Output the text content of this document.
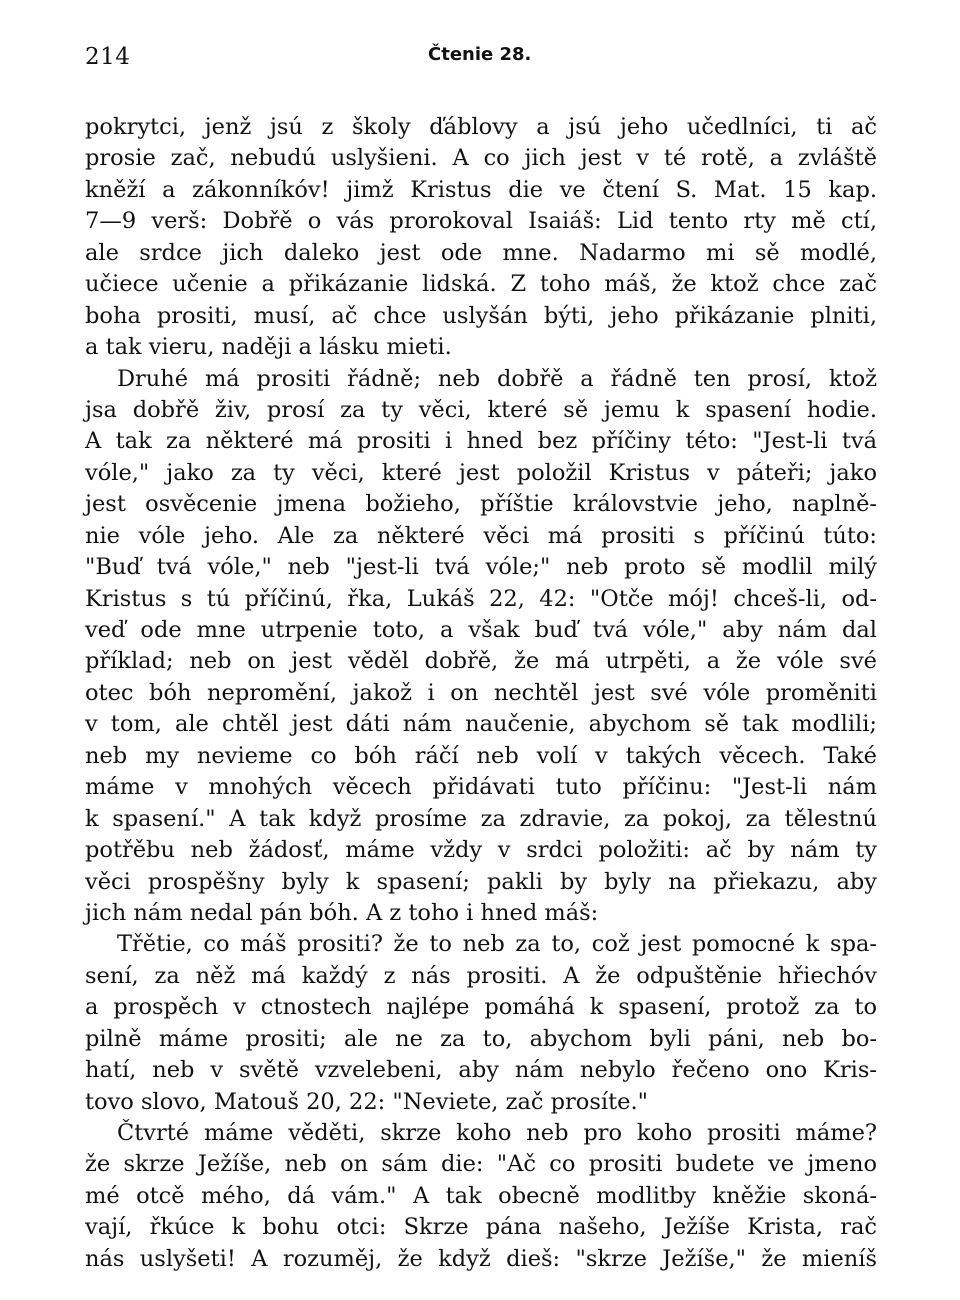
214	Čtenie 28.
pokrytci, jenž jsú z školy ďáblovy a jsú jeho učedlníci, ti ač
prosie zač, nebudú uslyšieni. A co jich jest v té rotě, a zvláště
kněží a zákonníkóv! jimž Kristus die ve čtení S. Mat. 15 kap.
7—9 verš: Dobřě o vás prorokoval Isaiáš: Lid tento rty mě ctí,
ale srdce jich daleko jest ode mne. Nadarmo mi sě modlé,
učiece učenie a přikázanie lidská. Z toho máš, že ktož chce zač
boha prositi, musí, ač chce uslyšán býti, jeho přikázanie plniti,
a tak vieru, naději a lásku mieti.
Druhé má prositi řádně; neb dobřě a řádně ten prosí, ktož
jsa dobřě živ, prosí za ty věci, které sě jemu k spasení hodie.
A tak za některé má prositi i hned bez příčiny této: "Jest-li tvá
vóle," jako za ty věci, které jest položil Kristus v páteři; jako
jest osvěcenie jmena božieho, příštie královstvie jeho, naplně-
nie vóle jeho. Ale za některé věci má prositi s příčinú túto:
"Buď tvá vóle," neb "jest-li tvá vóle;" neb proto sě modlil milý
Kristus s tú příčinú, řka, Lukáš 22, 42: "Otče mój! chceš-li, od-
veď ode mne utrpenie toto, a však buď tvá vóle," aby nám dal
příklad; neb on jest věděl dobřě, že má utrpěti, a že vóle své
otec bóh nepromění, jakož i on nechtěl jest své vóle proměniti
v tom, ale chtěl jest dáti nám naučenie, abychom sě tak modlili;
neb my nevieme co bóh ráčí neb volí v takých věcech. Také
máme v mnohých věcech přidávati tuto příčinu: "Jest-li nám
k spasení." A tak když prosíme za zdravie, za pokoj, za tělestnú
potřěbu neb žádosť, máme vždy v srdci položiti: ač by nám ty
věci prospěšny byly k spasení; pakli by byly na přiekazu, aby
jich nám nedal pán bóh. A z toho i hned máš:
Třětie, co máš prositi? že to neb za to, což jest pomocné k spa-
sení, za něž má každý z nás prositi. A že odpuštěnie hřiechóv
a prospěch v ctnostech najlépe pomáhá k spasení, protož za to
pilně máme prositi; ale ne za to, abychom byli páni, neb bo-
hatí, neb v světě vzvelebeni, aby nám nebylo řečeno ono Kris-
tovo slovo, Matouš 20, 22: "Neviete, zač prosíte."
Čtvrté máme věděti, skrze koho neb pro koho prositi máme?
že skrze Ježíše, neb on sám die: "Ač co prositi budete ve jmeno
mé otcě mého, dá vám." A tak obecně modlitby kněžie skoná-
vají, řkúce k bohu otci: Skrze pána našeho, Ježíše Krista, rač
nás uslyšeti! A rozuměj, že když dieš: "skrze Ježíše," že mieníš
